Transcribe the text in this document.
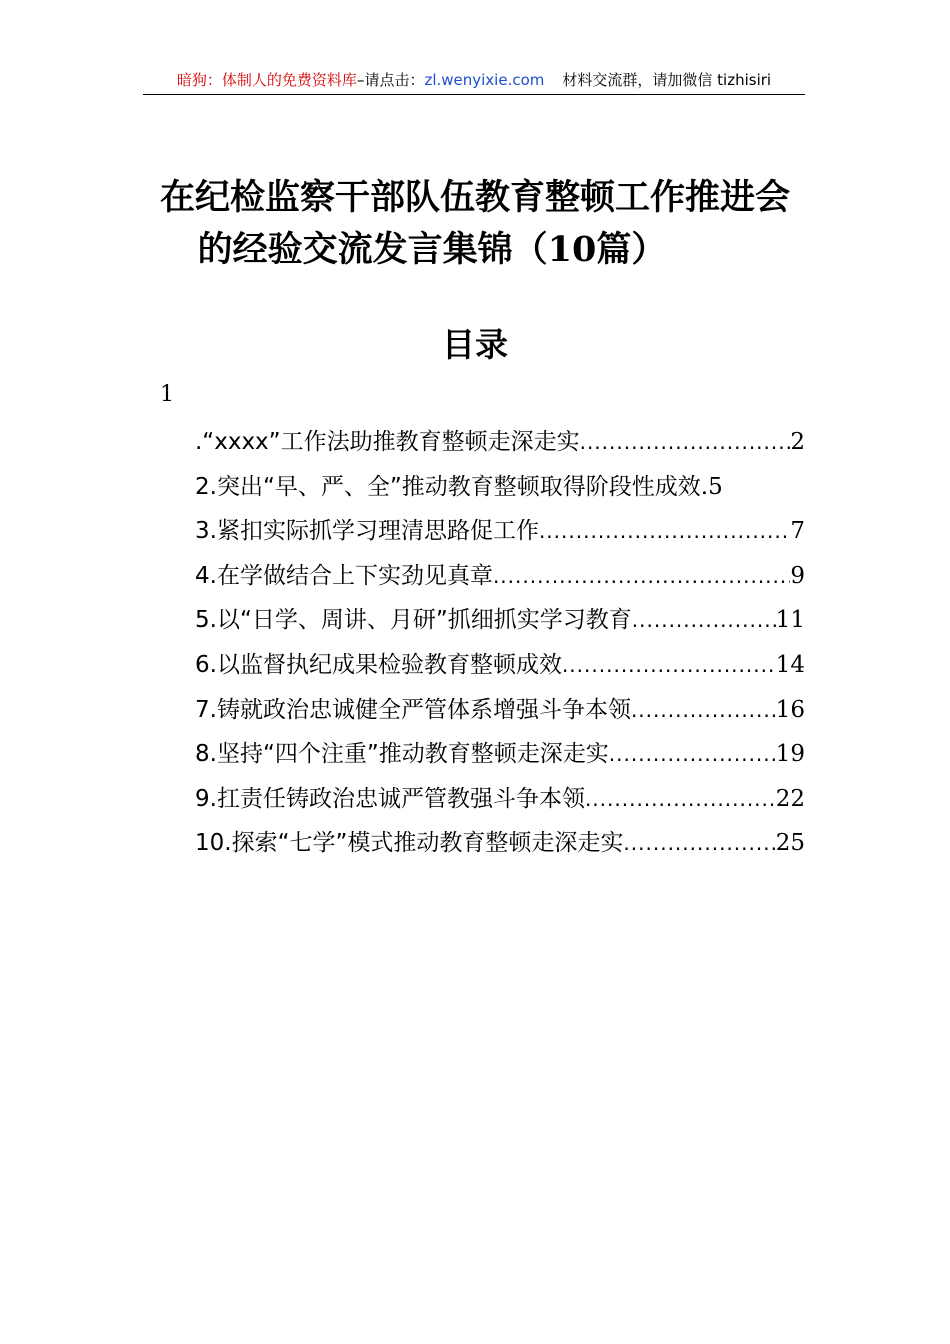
暗狗：体制人的免费资料库–请点击：zl.wenyixie.com 材料交流群，请加微信 tizhisiri
在纪检监察干部队伍教育整顿工作推进会
的经验交流发言集锦（10篇）
目录
1
.“xxxx”工作法助推教育整顿走深走实 .....	2
2.突出“早、严、全”推动教育整顿取得阶段性成效 .5
3.紧扣实际抓学习理清思路促工作 .....	7
4.在学做结合上下实劲见真章 .....	9
5.以“日学、周讲、月研”抓细抓实学习教育 .....	11
6.以监督执纪成果检验教育整顿成效 .....	14
7.铸就政治忠诚健全严管体系增强斗争本领 .....	16
8.坚持“四个注重”推动教育整顿走深走实 .....	19
9.扛责任铸政治忠诚严管教强斗争本领 .....	22
10.探索“七学”模式推动教育整顿走深走实 .....	25
